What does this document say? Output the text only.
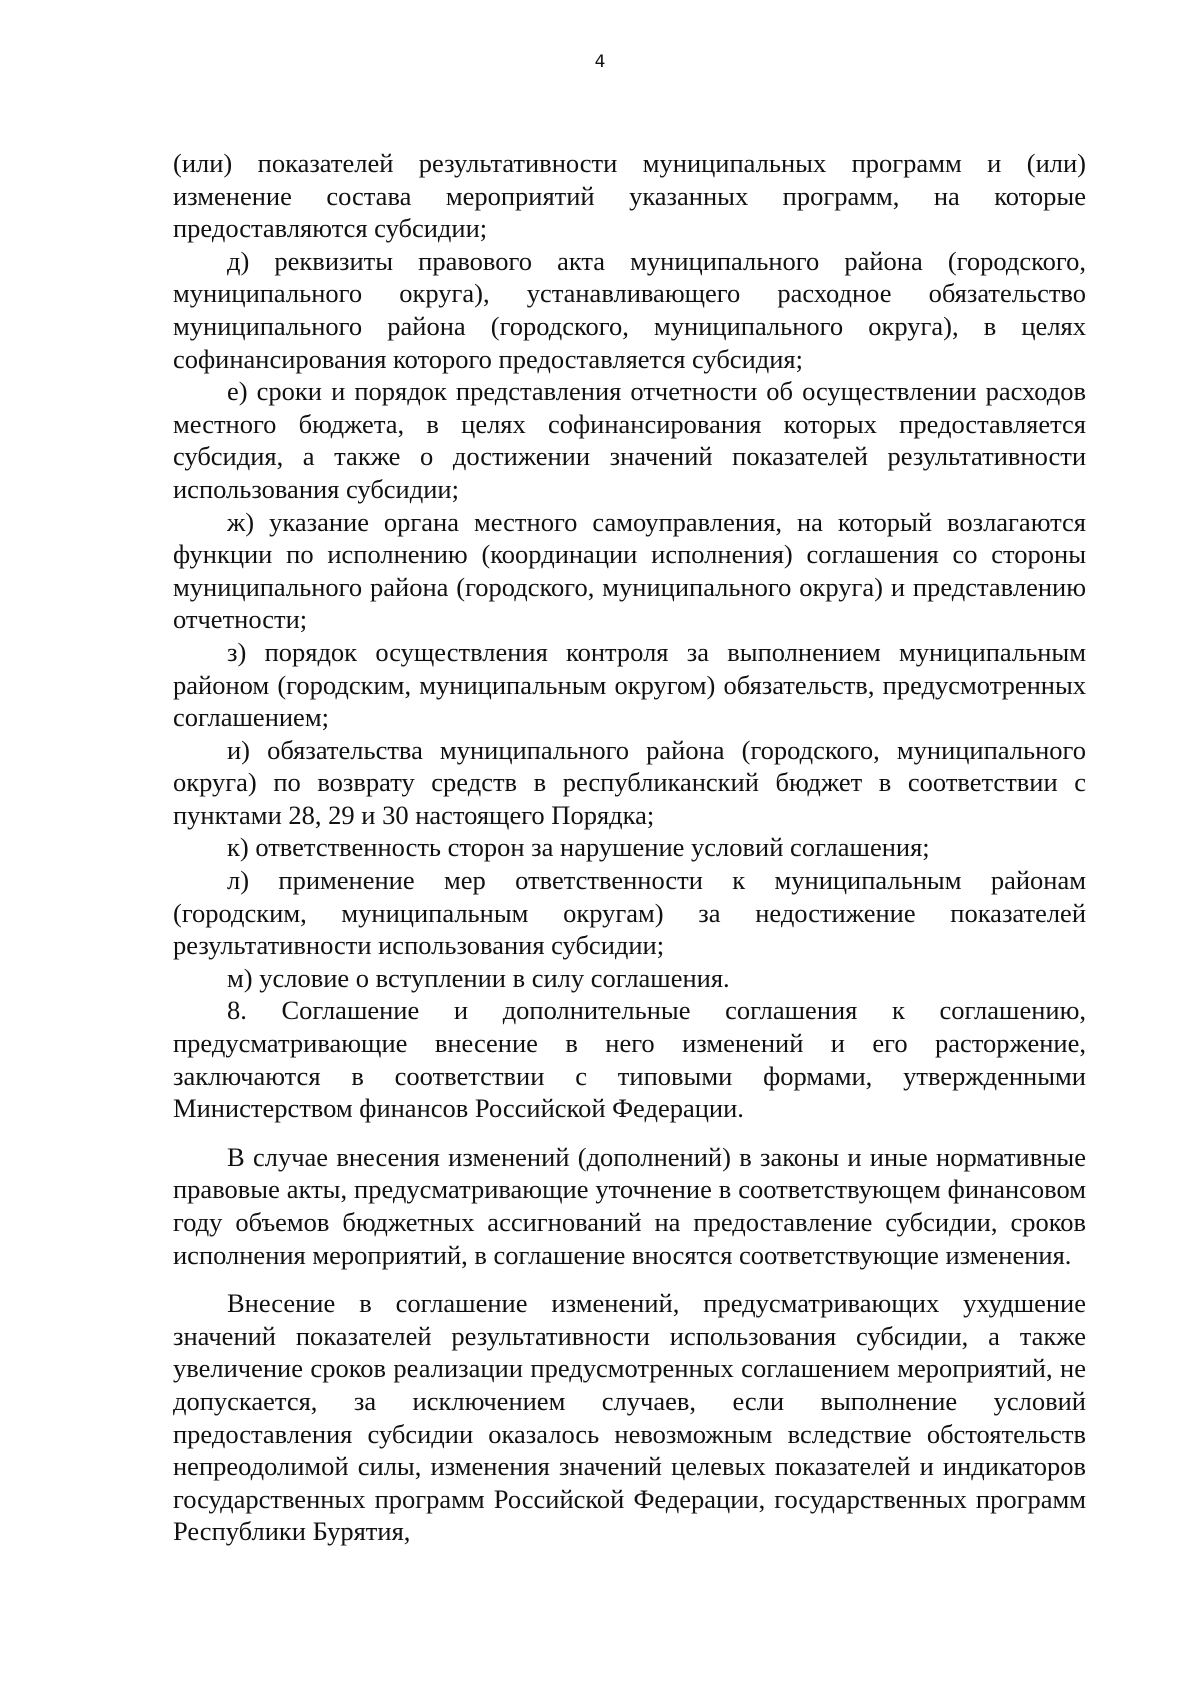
4

(или) показателей результативности муниципальных программ и (или) изменение состава мероприятий указанных программ, на которые предоставляются субсидии;

д) реквизиты правового акта муниципального района (городского, муниципального округа), устанавливающего расходное обязательство муниципального района (городского, муниципального округа), в целях софинансирования которого предоставляется субсидия;

е) сроки и порядок представления отчетности об осуществлении расходов местного бюджета, в целях софинансирования которых предоставляется субсидия, а также о достижении значений показателей результативности использования субсидии;

ж) указание органа местного самоуправления, на который возлагаются функции по исполнению (координации исполнения) соглашения со стороны муниципального района (городского, муниципального округа) и представлению отчетности;

з) порядок осуществления контроля за выполнением муниципальным районом (городским, муниципальным округом) обязательств, предусмотренных соглашением;

и) обязательства муниципального района (городского, муниципального округа) по возврату средств в республиканский бюджет в соответствии с пунктами 28, 29 и 30 настоящего Порядка;

к) ответственность сторон за нарушение условий соглашения;

л) применение мер ответственности к муниципальным районам (городским, муниципальным округам) за недостижение показателей результативности использования субсидии;

м) условие о вступлении в силу соглашения.

8. Соглашение и дополнительные соглашения к соглашению, предусматривающие внесение в него изменений и его расторжение, заключаются в соответствии с типовыми формами, утвержденными Министерством финансов Российской Федерации.

В случае внесения изменений (дополнений) в законы и иные нормативные правовые акты, предусматривающие уточнение в соответствующем финансовом году объемов бюджетных ассигнований на предоставление субсидии, сроков исполнения мероприятий, в соглашение вносятся соответствующие изменения.

Внесение в соглашение изменений, предусматривающих ухудшение значений показателей результативности использования субсидии, а также увеличение сроков реализации предусмотренных соглашением мероприятий, не допускается, за исключением случаев, если выполнение условий предоставления субсидии оказалось невозможным вследствие обстоятельств непреодолимой силы, изменения значений целевых показателей и индикаторов государственных программ Российской Федерации, государственных программ Республики Бурятия,
